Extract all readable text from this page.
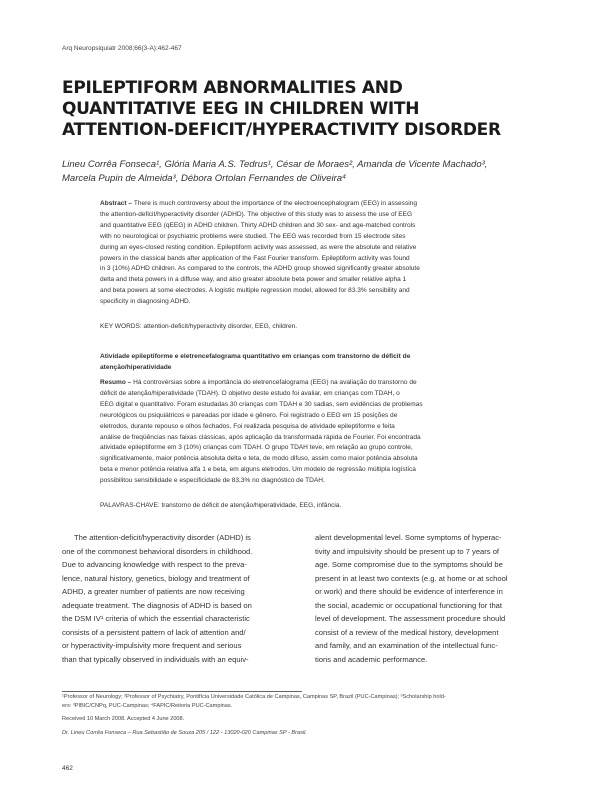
Arq Neuropsiquiatr 2008;66(3-A):462-467
EPILEPTIFORM ABNORMALITIES AND
QUANTITATIVE EEG IN CHILDREN WITH
ATTENTION-DEFICIT/HYPERACTIVITY DISORDER
Lineu Corrêa Fonseca¹, Glória Maria A.S. Tedrus¹, César de Moraes², Amanda de Vicente Machado³,
Marcela Pupin de Almeida³, Débora Ortolan Fernandes de Oliveira⁴
Abstract – There is much controversy about the importance of the electroencephalogram (EEG) in assessing
the attention-deficit/hyperactivity disorder (ADHD). The objective of this study was to assess the use of EEG
and quantitative EEG (qEEG) in ADHD children. Thirty ADHD children and 30 sex- and age-matched controls
with no neurological or psychiatric problems were studied. The EEG was recorded from 15 electrode sites
during an eyes-closed resting condition. Epileptiform activity was assessed, as were the absolute and relative
powers in the classical bands after application of the Fast Fourier transform. Epileptiform activity was found
in 3 (10%) ADHD children. As compared to the controls, the ADHD group showed significantly greater absolute
delta and theta powers in a diffuse way, and also greater absolute beta power and smaller relative alpha 1
and beta powers at some electrodes. A logistic multiple regression model, allowed for 83.3% sensibility and
specificity in diagnosing ADHD.
KEY WORDS: attention-deficit/hyperactivity disorder, EEG, children.
Atividade epileptiforme e eletrencefalograma quantitativo em crianças com transtorno de déficit de
atenção/hiperatividade
Resumo – Há controvérsias sobre a importância do eletrencefalograma (EEG) na avaliação do transtorno de
déficit de atenção/hiperatividade (TDAH). O objetivo deste estudo foi avaliar, em crianças com TDAH, o
EEG digital e quantitativo. Foram estudadas 30 crianças com TDAH e 30 sadias, sem evidências de problemas
neurológicos ou psiquiátricos e pareadas por idade e gênero. Foi registrado o EEG em 15 posições de
eletrodos, durante repouso e olhos fechados. Foi realizada pesquisa de atividade epileptiforme e feita
análise de freqüências nas faixas clássicas, após aplicação da transformada rápida de Fourier. Foi encontrada
atividade epileptiforme em 3 (10%) crianças com TDAH. O grupo TDAH teve, em relação ao grupo controle,
significativamente, maior potência absoluta delta e teta, de modo difuso, assim como maior potência absoluta
beta e menor potência relativa alfa 1 e beta, em alguns eletrodos. Um modelo de regressão múltipla logística
possibilitou sensibilidade e especificidade de 83,3% no diagnóstico de TDAH.
PALAVRAS-CHAVE: transtorno de déficit de atenção/hiperatividade, EEG, infância.
The attention-deficit/hyperactivity disorder (ADHD) is
one of the commonest behavioral disorders in childhood.
Due to advancing knowledge with respect to the preva-
lence, natural history, genetics, biology and treatment of
ADHD, a greater number of patients are now receiving
adequate treatment. The diagnosis of ADHD is based on
the DSM IV¹ criteria of which the essential characteristic
consists of a persistent pattern of lack of attention and/
or hyperactivity-impulsivity more frequent and serious
than that typically observed in individuals with an equiv-
alent developmental level. Some symptoms of hyperac-
tivity and impulsivity should be present up to 7 years of
age. Some compromise due to the symptoms should be
present in at least two contexts (e.g. at home or at school
or work) and there should be evidence of interference in
the social, academic or occupational functioning for that
level of development. The assessment procedure should
consist of a review of the medical history, development
and family, and an examination of the intellectual func-
tions and academic performance.
¹Professor of Neurology; ²Professor of Psychiatry, Pontifícia Universidade Católica de Campinas, Campinas SP, Brazil (PUC-Campinas); ³Scholarship hold-
ers: ³PIBIC/CNPq, PUC-Campinas; ⁴FAPIC/Reitoria PUC-Campinas.
Received 10 March 2008. Accepted 4 June 2008.
Dr. Lineu Corrêa Fonseca – Rua Sebastião de Souza 205 / 122 - 13020-020 Campinas SP - Brasil.
462
